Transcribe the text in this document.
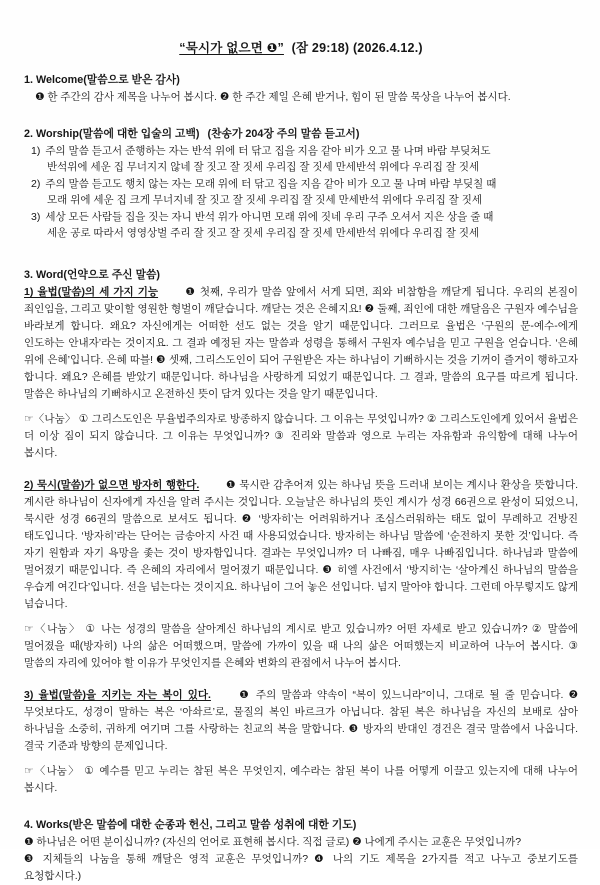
“묵시가 없으면 ❶” (잠 29:18) (2026.4.12.)
1. Welcome(말씀으로 받은 감사)
❶ 한 주간의 감사 제목을 나누어 봅시다. ❷ 한 주간 제일 은혜 받거나, 힘이 된 말씀 묵상을 나누어 봅시다.
2. Worship(말씀에 대한 입술의 고백) (찬송가 204장 주의 말씀 듣고서)
1) 주의 말씀 듣고서 준행하는 자는 반석 위에 터 닦고 집을 지음 같아 비가 오고 물 나며 바람 부딪쳐도
반석위에 세운 집 무너지지 않네 잘 짓고 잘 짓세 우리집 잘 짓세 만세반석 위에다 우리집 잘 짓세
2) 주의 말씀 듣고도 행치 않는 자는 모래 위에 터 닦고 집을 지음 같아 비가 오고 물 나며 바람 부딪칠 때
모래 위에 세운 집 크게 무너지네 잘 짓고 잘 짓세 우리집 잘 짓세 만세반석 위에다 우리집 잘 짓세
3) 세상 모든 사람들 집을 짓는 자니 반석 위가 아니면 모래 위에 짓네 우리 구주 오셔서 지은 상을 줄 때
세운 공로 따라서 영영상벌 주리 잘 짓고 잘 짓세 우리집 잘 짓세 만세반석 위에다 우리집 잘 짓세
3. Word(언약으로 주신 말씀)

1) 율법(말씀)의 세 가지 기능 ❶ 첫째, 우리가 말씀 앞에서 서게 되면, 죄와 비참함을 깨닫게 됩니다. 우리의 본질이 죄인임을, 그리고 맞이할 영원한 형벌이 깨닫습니다. 깨닫는 것은 은혜지요! ❷ 둘째, 죄인에 대한 깨달음은 구원자 예수님을 바라보게 합니다. 왜요? 자신에게는 어떠한 선도 없는 것을 알기 때문입니다. 그러므로 율법은 ‘구원의 문-예수-에게 인도하는 안내자’라는 것이지요. 그 결과 예정된 자는 말씀과 성령을 통해서 구원자 예수님을 믿고 구원을 얻습니다. ‘은혜 위에 은혜’입니다. 은혜 따블! ❸ 셋째, 그리스도인이 되어 구원받은 자는 하나님이 기뻐하시는 것을 기꺼이 즐거이 행하고자 합니다. 왜요? 은혜를 받았기 때문입니다. 하나님을 사랑하게 되었기 때문입니다. 그 결과, 말씀의 요구를 따르게 됩니다. 말씀은 하나님의 기뻐하시고 온전하신 뜻이 담겨 있다는 것을 알기 때문입니다.

☞〈나눔〉 ① 그리스도인은 무율법주의자로 방종하지 않습니다. 그 이유는 무엇입니까? ② 그리스도인에게 있어서 율법은 더 이상 짐이 되지 않습니다. 그 이유는 무엇입니까? ③ 진리와 말씀과 영으로 누리는 자유함과 유익함에 대해 나누어 봅시다.

2) 묵시(말씀)가 없으면 방자히 행한다. ❶ 묵시란 감추어져 있는 하나님 뜻을 드러내 보이는 계시나 환상을 뜻합니다. 계시란 하나님이 신자에게 자신을 알려 주시는 것입니다. 오늘날은 하나님의 뜻인 계시가 성경 66권으로 완성이 되었으니, 묵시란 성경 66권의 말씀으로 보셔도 됩니다. ❷ ‘방자히’는 어려워하거나 조심스러워하는 태도 없이 무례하고 건방진 태도입니다. ‘방자히’라는 단어는 금송아지 사건 때 사용되었습니다. 방자히는 하나님 말씀에 ‘순전하지 못한 것’입니다. 즉 자기 원함과 자기 욕망을 좇는 것이 방자함입니다. 결과는 무엇입니까? 더 나빠짐, 매우 나빠짐입니다. 하나님과 말씀에 멀어졌기 때문입니다. 즉 은혜의 자리에서 멀어졌기 때문입니다. ❸ 히엘 사건에서 ‘방지히’는 ‘살아계신 하나님의 말씀을 우습게 여긴다’입니다. 선을 넘는다는 것이지요. 하나님이 그어 놓은 선입니다. 넘지 말아야 합니다. 그런데 아무렇지도 않게 넘습니다.

☞〈나눔〉 ① 나는 성경의 말씀을 살아계신 하나님의 계시로 받고 있습니까? 어떤 자세로 받고 있습니까? ② 말씀에 멀어졌을 때(방자히) 나의 삶은 어떠했으며, 말씀에 가까이 있을 때 나의 삶은 어떠했는지 비교하여 나누어 봅시다. ③ 말씀의 자리에 있어야 할 이유가 무엇인지를 은혜와 변화의 관점에서 나누어 봅시다.

3) 율법(말씀)을 지키는 자는 복이 있다. ❶ 주의 말씀과 약속이 “복이 있느니라”이니, 그대로 될 줄 믿습니다. ❷ 무엇보다도, 성경이 말하는 복은 ‘아솨르’로, 물질의 복인 바르크가 아닙니다. 참된 복은 하나님을 자신의 보배로 삼아 하나님을 소중히, 귀하게 여기며 그를 사랑하는 친교의 복을 말합니다. ❸ 방자의 반대인 경건은 결국 말씀에서 나옵니다. 결국 기준과 방향의 문제입니다.

☞〈나눔〉 ① 예수를 믿고 누리는 참된 복은 무엇인지, 예수라는 참된 복이 나를 어떻게 이끌고 있는지에 대해 나누어 봅시다.

4. Works(받은 말씀에 대한 순종과 헌신, 그리고 말씀 성취에 대한 기도)
❶ 하나님은 어떤 분이십니까? (자신의 언어로 표현해 봅시다. 직접 글로) ❷ 나에게 주시는 교훈은 무엇입니까?
❸ 지체들의 나눔을 통해 깨달은 영적 교훈은 무엇입니까? ❹ 나의 기도 제목을 2가지를 적고 나누고 중보기도를 요청합시다.)
